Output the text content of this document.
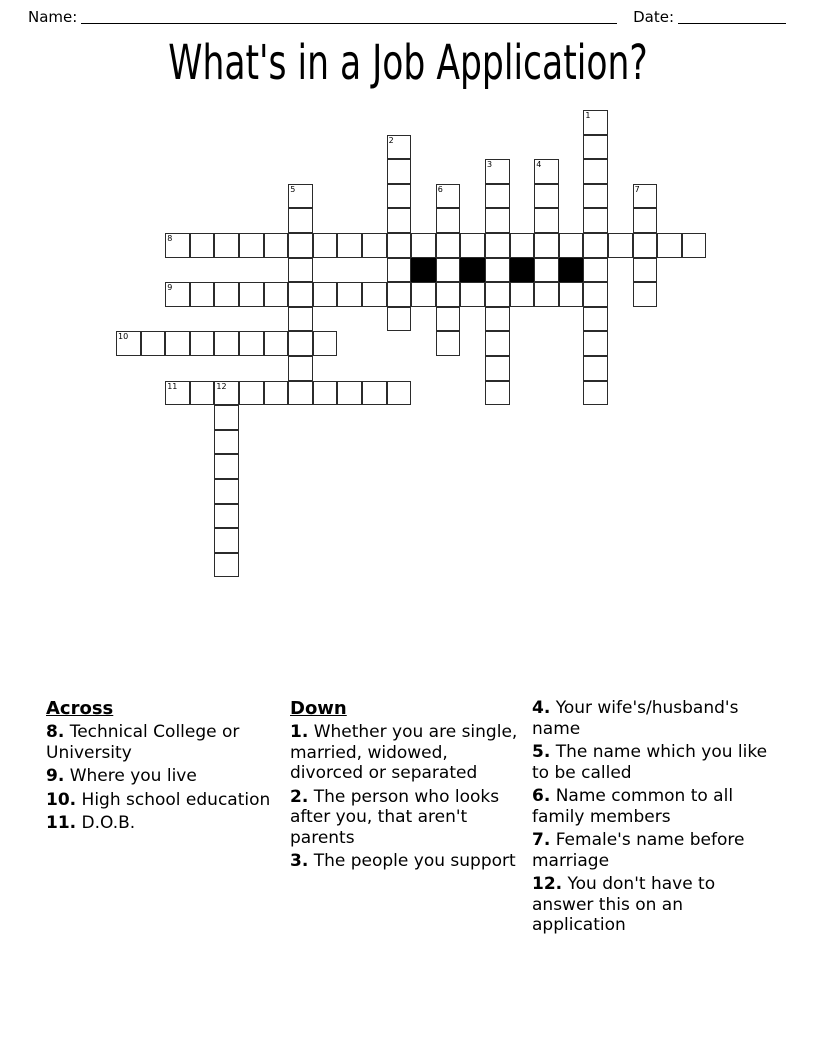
Name:	Date:
What's in a Job Application?
8
9
10
11	12
1
2
3	4
5	6	7
Across
8. Technical College or University
9. Where you live
10. High school education
11. D.O.B.
Down
1. Whether you are single, married, widowed, divorced or separated
2. The person who looks after you, that aren't parents
3. The people you support
4. Your wife's/husband's name
5. The name which you like to be called
6. Name common to all family members
7. Female's name before marriage
12. You don't have to answer this on an application
